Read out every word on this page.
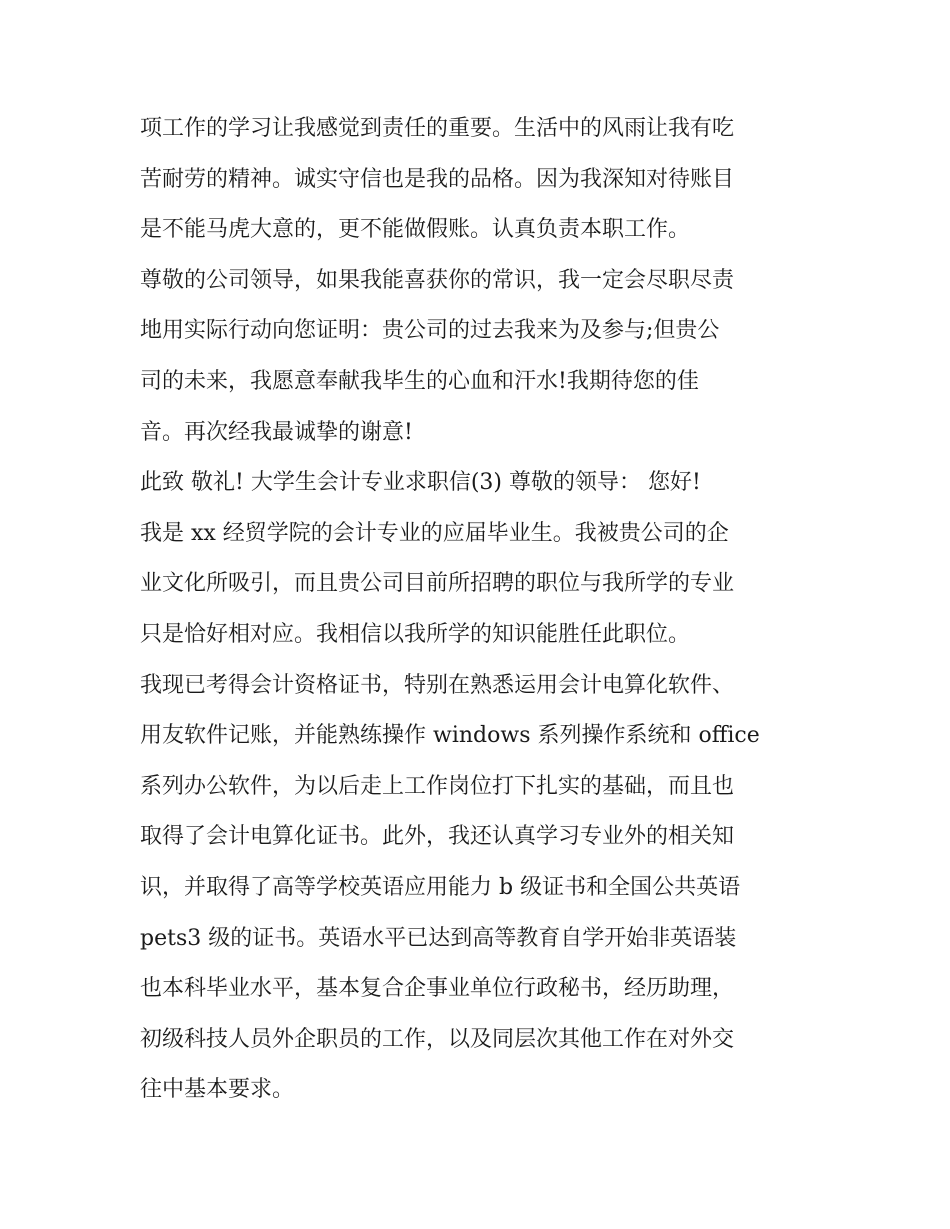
项工作的学习让我感觉到责任的重要。生活中的风雨让我有吃
苦耐劳的精神。诚实守信也是我的品格。因为我深知对待账目
是不能马虎大意的，更不能做假账。认真负责本职工作。
尊敬的公司领导，如果我能喜获你的常识，我一定会尽职尽责
地用实际行动向您证明：贵公司的过去我来为及参与;但贵公
司的未来，我愿意奉献我毕生的心血和汗水!我期待您的佳
音。再次经我最诚挚的谢意!
此致 敬礼! 大学生会计专业求职信(3) 尊敬的领导： 您好!
我是 xx 经贸学院的会计专业的应届毕业生。我被贵公司的企
业文化所吸引，而且贵公司目前所招聘的职位与我所学的专业
只是恰好相对应。我相信以我所学的知识能胜任此职位。
我现已考得会计资格证书，特别在熟悉运用会计电算化软件、
用友软件记账，并能熟练操作 windows 系列操作系统和 office
系列办公软件，为以后走上工作岗位打下扎实的基础，而且也
取得了会计电算化证书。此外，我还认真学习专业外的相关知
识，并取得了高等学校英语应用能力 b 级证书和全国公共英语
pets3 级的证书。英语水平已达到高等教育自学开始非英语装
也本科毕业水平，基本复合企事业单位行政秘书，经历助理，
初级科技人员外企职员的工作，以及同层次其他工作在对外交
往中基本要求。
